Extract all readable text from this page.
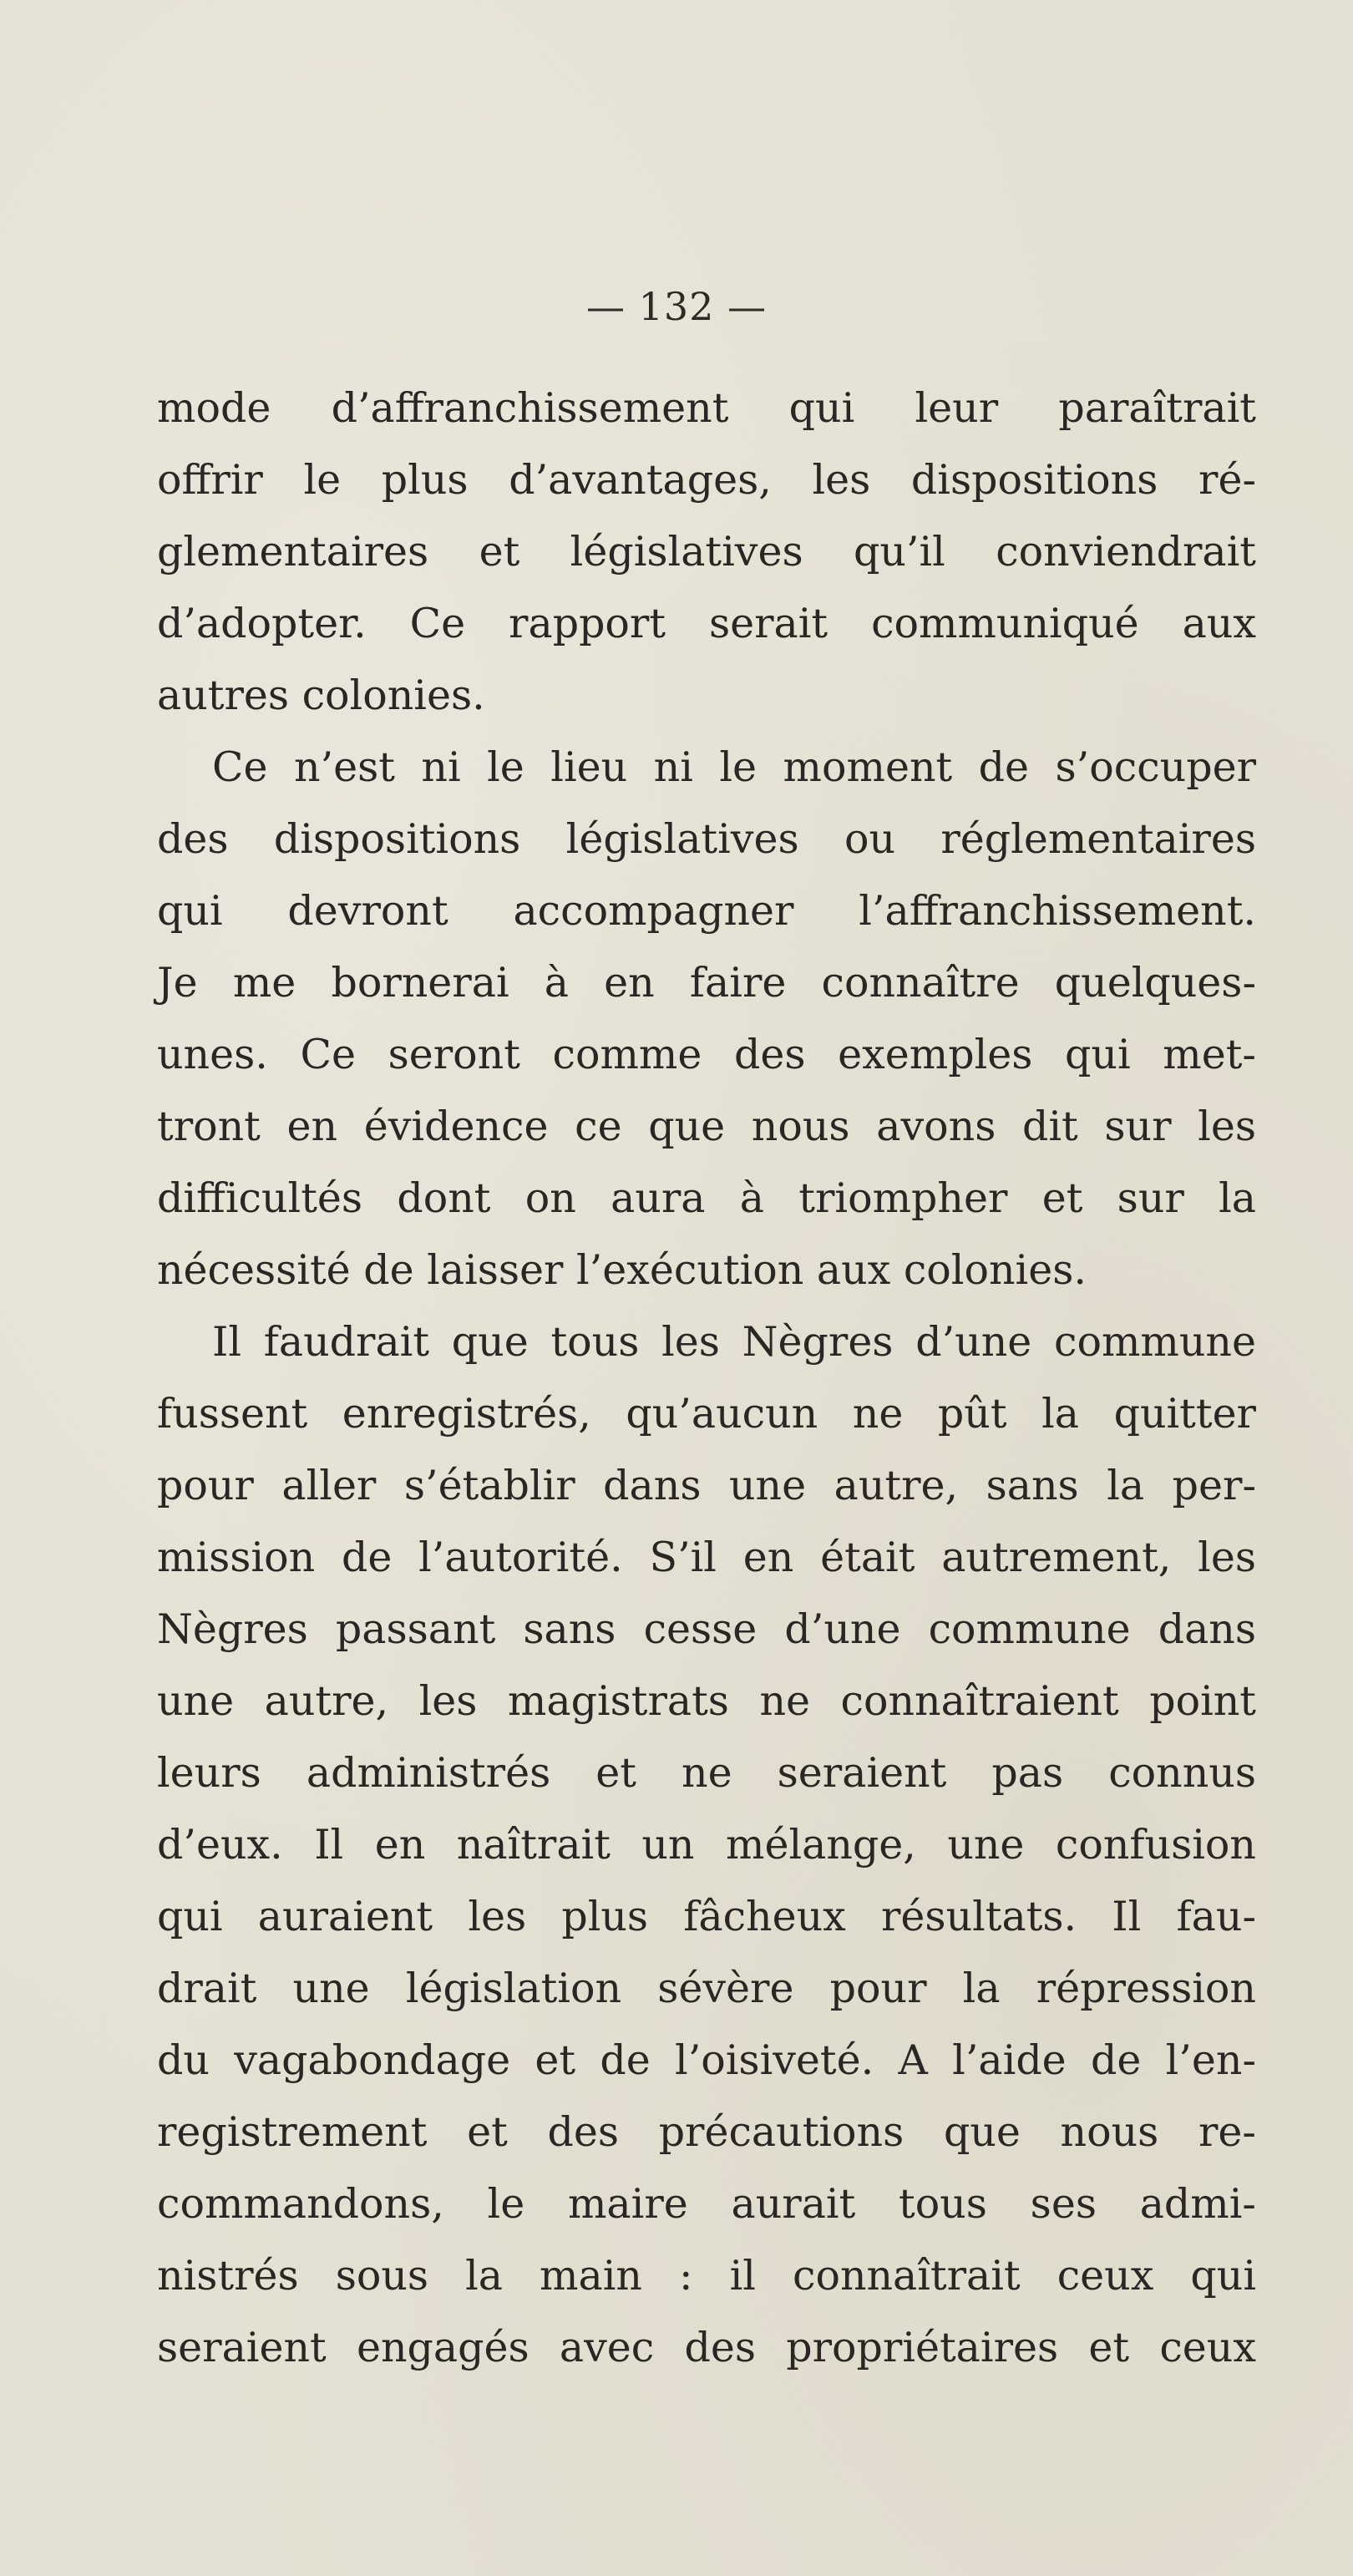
— 132 —
mode d’affranchissement qui leur paraîtrait
offrir le plus d’avantages, les dispositions ré-
glementaires et législatives qu’il conviendrait
d’adopter. Ce rapport serait communiqué aux
autres colonies.
Ce n’est ni le lieu ni le moment de s’occuper
des dispositions législatives ou réglementaires
qui devront accompagner l’affranchissement.
Je me bornerai à en faire connaître quelques-
unes. Ce seront comme des exemples qui met-
tront en évidence ce que nous avons dit sur les
difficultés dont on aura à triompher et sur la
nécessité de laisser l’exécution aux colonies.
Il faudrait que tous les Nègres d’une commune
fussent enregistrés, qu’aucun ne pût la quitter
pour aller s’établir dans une autre, sans la per-
mission de l’autorité. S’il en était autrement, les
Nègres passant sans cesse d’une commune dans
une autre, les magistrats ne connaîtraient point
leurs administrés et ne seraient pas connus
d’eux. Il en naîtrait un mélange, une confusion
qui auraient les plus fâcheux résultats. Il fau-
drait une législation sévère pour la répression
du vagabondage et de l’oisiveté. A l’aide de l’en-
registrement et des précautions que nous re-
commandons, le maire aurait tous ses admi-
nistrés sous la main : il connaîtrait ceux qui
seraient engagés avec des propriétaires et ceux
